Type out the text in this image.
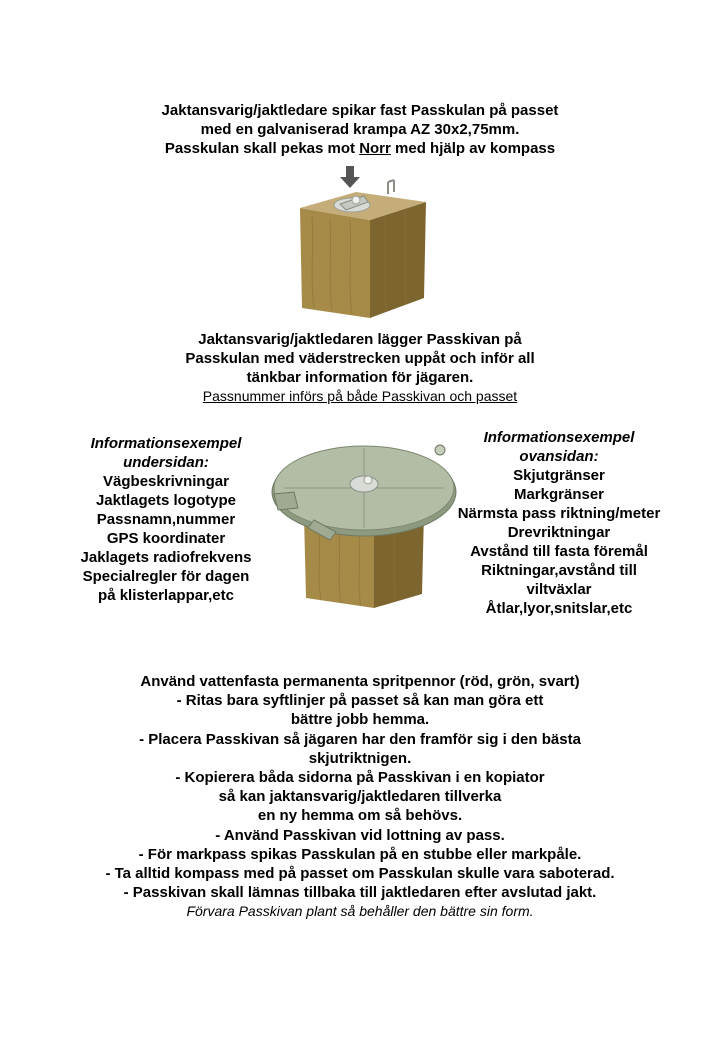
Jaktansvarig/jaktledare spikar fast Passkulan på passet
med en galvaniserad krampa AZ 30x2,75mm.
Passkulan skall pekas mot Norr med hjälp av kompass
Jaktansvarig/jaktledaren lägger Passkivan på
Passkulan med väderstrecken uppåt och inför all
tänkbar information för jägaren.
Passnummer införs på både Passkivan och passet
Informationsexempel
undersidan:
Vägbeskrivningar
Jaktlagets logotype
Passnamn,nummer
GPS koordinater
Jaklagets radiofrekvens
Specialregler för dagen
på klisterlappar,etc
Informationsexempel
ovansidan:
Skjutgränser
Markgränser
Närmsta pass riktning/meter
Drevriktningar
Avstånd till fasta föremål
Riktningar,avstånd till
viltväxlar
Åtlar,lyor,snitslar,etc
Använd vattenfasta permanenta spritpennor (röd, grön, svart)
- Ritas bara syftlinjer på passet så kan man göra ett
bättre jobb hemma.
- Placera Passkivan så jägaren har den framför sig i den bästa
skjutriktnigen.
- Kopierera båda sidorna på Passkivan i en kopiator
så kan jaktansvarig/jaktledaren tillverka
en ny hemma om så behövs.
- Använd Passkivan vid lottning av pass.
- För markpass spikas Passkulan på en stubbe eller markpåle.
- Ta alltid kompass med på passet om Passkulan skulle vara saboterad.
- Passkivan skall lämnas tillbaka till jaktledaren efter avslutad jakt.
Förvara Passkivan plant så behåller den bättre sin form.
